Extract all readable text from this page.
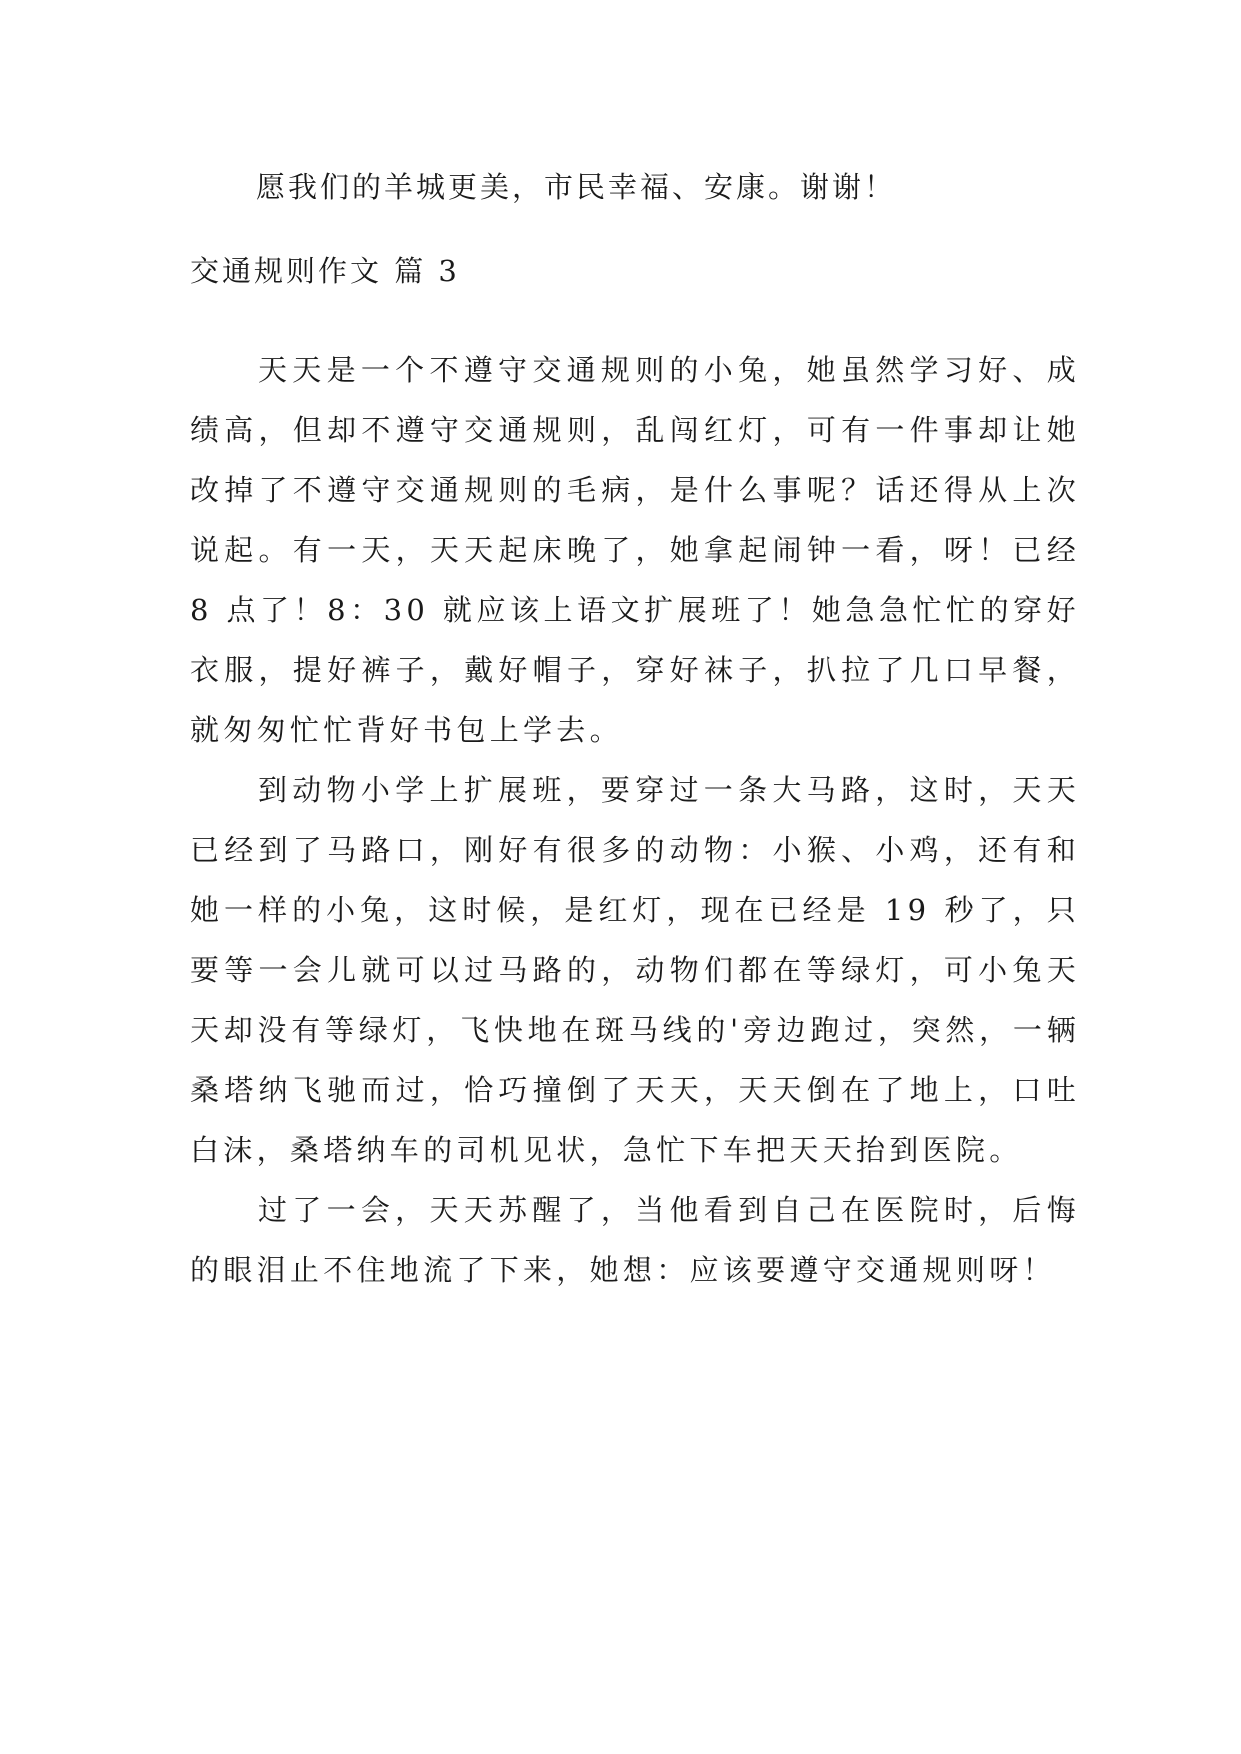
愿我们的羊城更美，市民幸福、安康。谢谢！

交通规则作文 篇 3

天天是一个不遵守交通规则的小兔，她虽然学习好、成绩高，但却不遵守交通规则，乱闯红灯，可有一件事却让她改掉了不遵守交通规则的毛病，是什么事呢？话还得从上次说起。有一天，天天起床晚了，她拿起闹钟一看，呀！已经 8 点了！8：30 就应该上语文扩展班了！她急急忙忙的穿好衣服，提好裤子，戴好帽子，穿好袜子，扒拉了几口早餐，就匆匆忙忙背好书包上学去。

到动物小学上扩展班，要穿过一条大马路，这时，天天已经到了马路口，刚好有很多的动物：小猴、小鸡，还有和她一样的小兔，这时候，是红灯，现在已经是 19 秒了，只要等一会儿就可以过马路的，动物们都在等绿灯，可小兔天天却没有等绿灯，飞快地在斑马线的'旁边跑过，突然，一辆桑塔纳飞驰而过，恰巧撞倒了天天，天天倒在了地上，口吐白沫，桑塔纳车的司机见状，急忙下车把天天抬到医院。

过了一会，天天苏醒了，当他看到自己在医院时，后悔的眼泪止不住地流了下来，她想：应该要遵守交通规则呀！
